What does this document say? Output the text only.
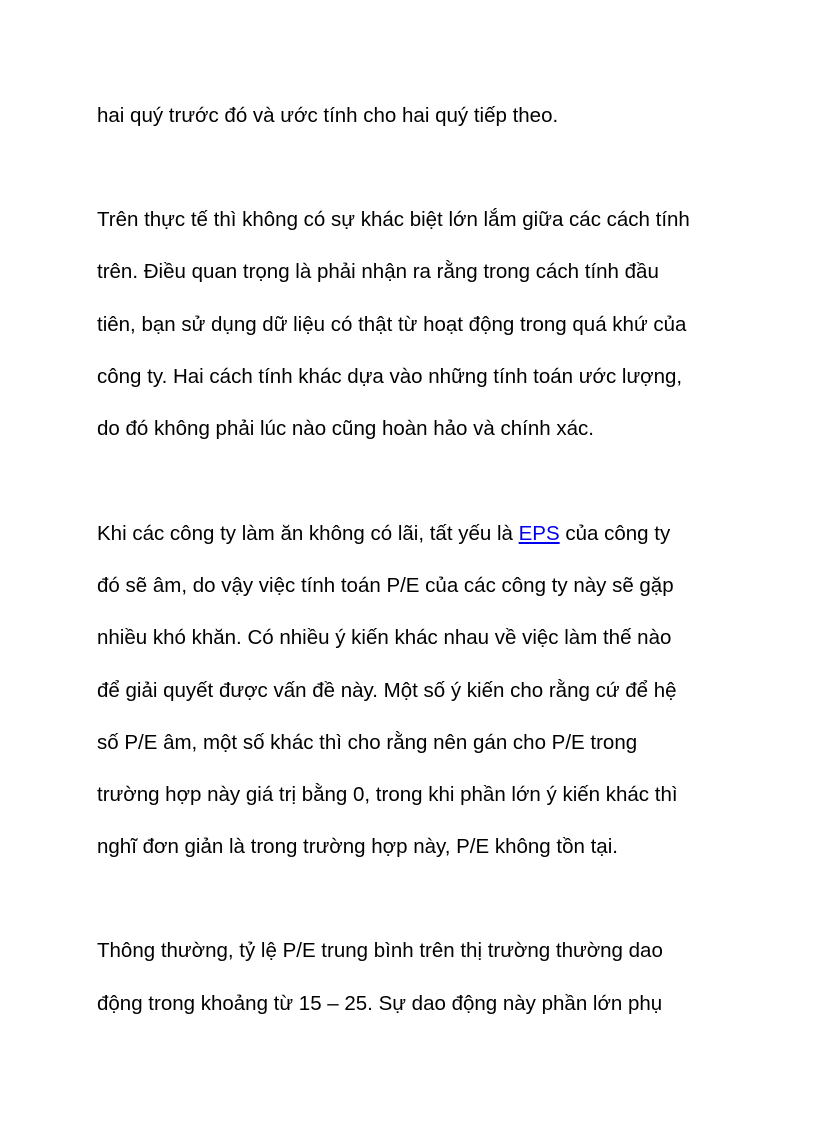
hai quý trước đó và ước tính cho hai quý tiếp theo.

Trên thực tế thì không có sự khác biệt lớn lắm giữa các cách tính

trên. Điều quan trọng là phải nhận ra rằng trong cách tính đầu

tiên, bạn sử dụng dữ liệu có thật từ hoạt động trong quá khứ của

công ty. Hai cách tính khác dựa vào những tính toán ước lượng,

do đó không phải lúc nào cũng hoàn hảo và chính xác.

Khi các công ty làm ăn không có lãi, tất yếu là EPS của công ty

đó sẽ âm, do vậy việc tính toán P/E của các công ty này sẽ gặp

nhiều khó khăn. Có nhiều ý kiến khác nhau về việc làm thế nào

để giải quyết được vấn đề này. Một số ý kiến cho rằng cứ để hệ

số P/E âm, một số khác thì cho rằng nên gán cho P/E trong

trường hợp này giá trị bằng 0, trong khi phần lớn ý kiến khác thì

nghĩ đơn giản là trong trường hợp này, P/E không tồn tại.

Thông thường, tỷ lệ P/E trung bình trên thị trường thường dao

động trong khoảng từ 15 – 25. Sự dao động này phần lớn phụ
